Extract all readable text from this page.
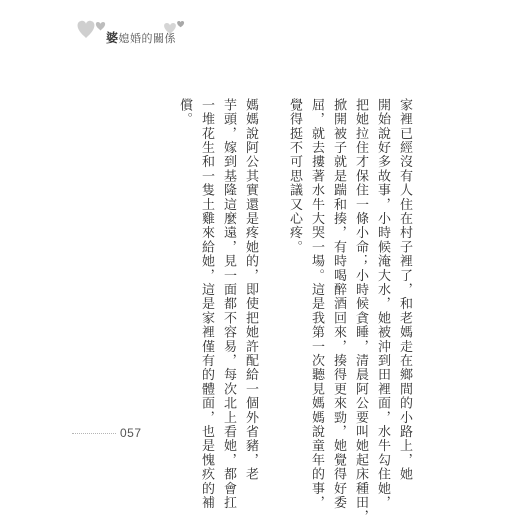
婆媳婚的關係
家裡已經沒有人住在村子裡了，和老媽走在鄉間的小路上，她
開始說好多故事，小時候淹大水，她被沖到田裡面，水牛勾住她，
把她拉住才保住一條小命；小時候貪睡，清晨阿公要叫她起床種田，
掀開被子就是踹和揍，有時喝醉酒回來，揍得更來勁，她覺得好委
屈，就去摟著水牛大哭一場。這是我第一次聽見媽媽說童年的事，
覺得挺不可思議又心疼。
媽媽說阿公其實還是疼她的，即使把她許配給一個外省豬，老
芋頭，嫁到基隆這麼遠，見一面都不容易，每次北上看她，都會扛
一堆花生和一隻土雞來給她，這是家裡僅有的體面，也是愧疚的補
償。
057
